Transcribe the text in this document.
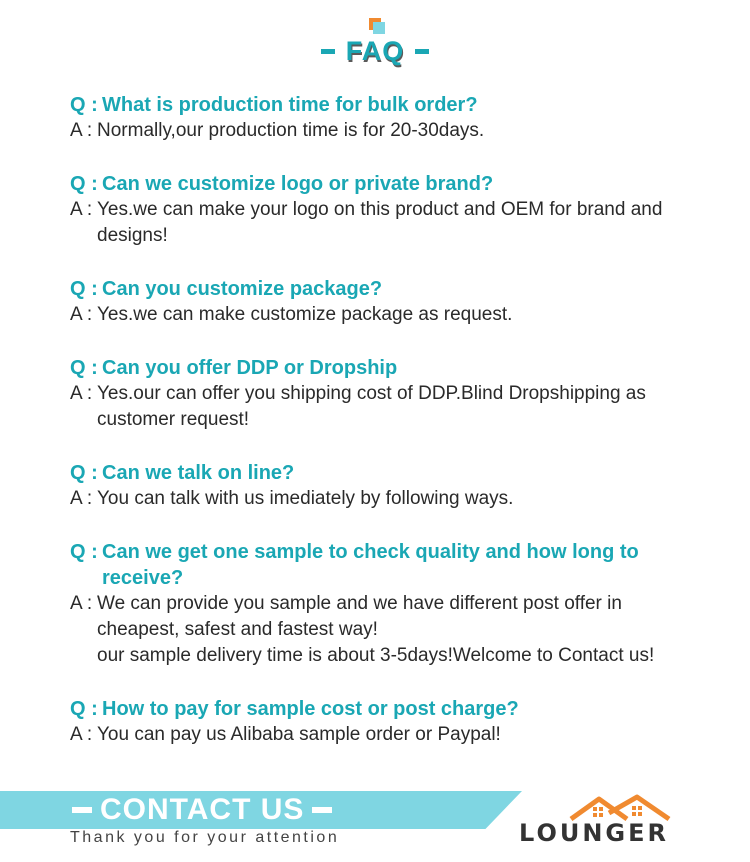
FAQ
Q : What is production time for bulk order?
A : Normally,our production time is for 20-30days.
Q : Can we customize logo or private brand?
A : Yes.we can make your logo on this product and OEM for brand and designs!
Q : Can you customize package?
A : Yes.we can make customize package as request.
Q : Can you offer DDP or Dropship
A : Yes.our can offer you shipping cost of DDP.Blind Dropshipping as customer request!
Q : Can we talk on line?
A : You can talk with us imediately by following ways.
Q : Can we get one sample to check quality and how long to receive?
A : We can provide you sample and we have different post offer in cheapest, safest and fastest way!
our sample delivery time is about 3-5days!Welcome to Contact us!
Q : How to pay for sample cost or post charge?
A : You can pay us Alibaba sample order or Paypal!
CONTACT US
Thank you for your attention	LOUNGER
